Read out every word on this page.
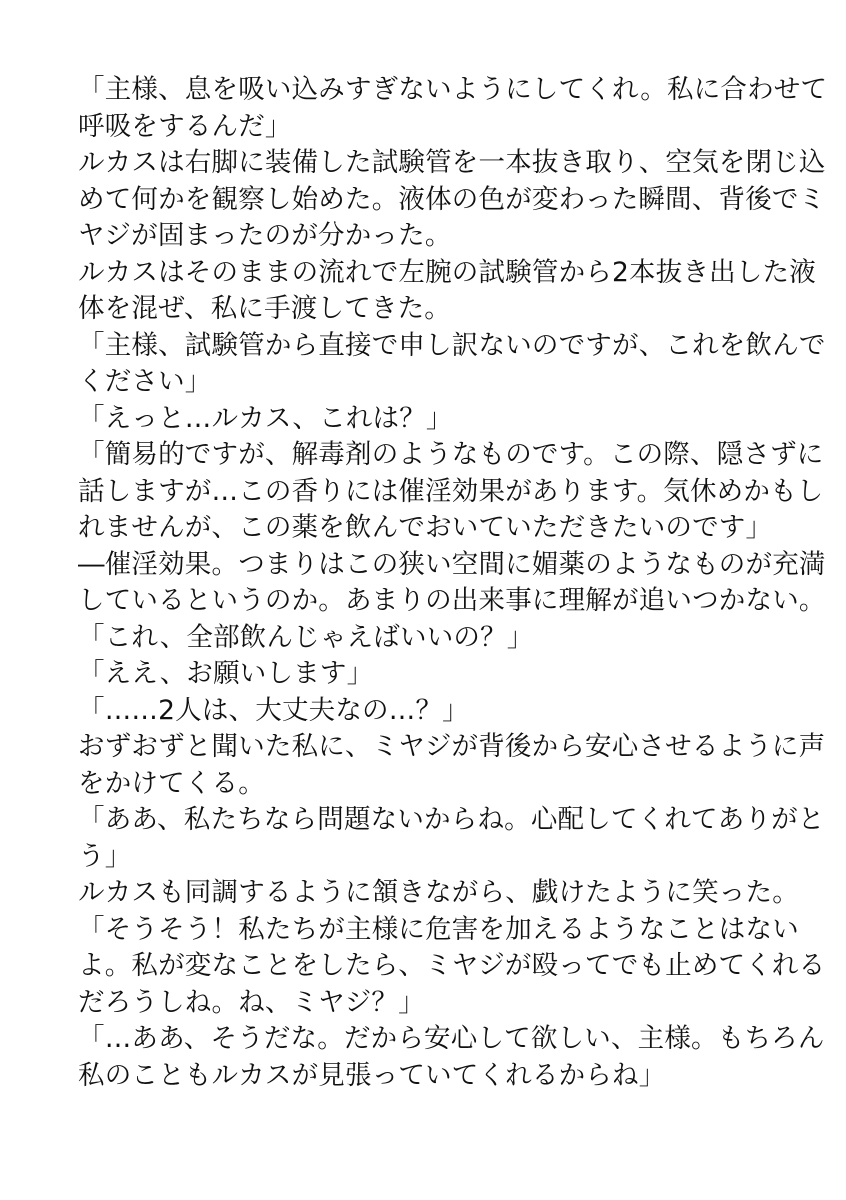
「主様、息を吸い込みすぎないようにしてくれ。私に合わせて
呼吸をするんだ」
ルカスは右脚に装備した試験管を一本抜き取り、空気を閉じ込
めて何かを観察し始めた。液体の色が変わった瞬間、背後でミ
ヤジが固まったのが分かった。
ルカスはそのままの流れで左腕の試験管から2本抜き出した液
体を混ぜ、私に手渡してきた。
「主様、試験管から直接で申し訳ないのですが、これを飲んで
ください」
「えっと…ルカス、これは？」
「簡易的ですが、解毒剤のようなものです。この際、隠さずに
話しますが…この香りには催淫効果があります。気休めかもし
れませんが、この薬を飲んでおいていただきたいのです」
―催淫効果。つまりはこの狭い空間に媚薬のようなものが充満
しているというのか。あまりの出来事に理解が追いつかない。
「これ、全部飲んじゃえばいいの？」
「ええ、お願いします」
「……2人は、大丈夫なの…？」
おずおずと聞いた私に、ミヤジが背後から安心させるように声
をかけてくる。
「ああ、私たちなら問題ないからね。心配してくれてありがと
う」
ルカスも同調するように頷きながら、戯けたように笑った。
「そうそう！私たちが主様に危害を加えるようなことはない
よ。私が変なことをしたら、ミヤジが殴ってでも止めてくれる
だろうしね。ね、ミヤジ？」
「…ああ、そうだな。だから安心して欲しい、主様。もちろん
私のこともルカスが見張っていてくれるからね」
